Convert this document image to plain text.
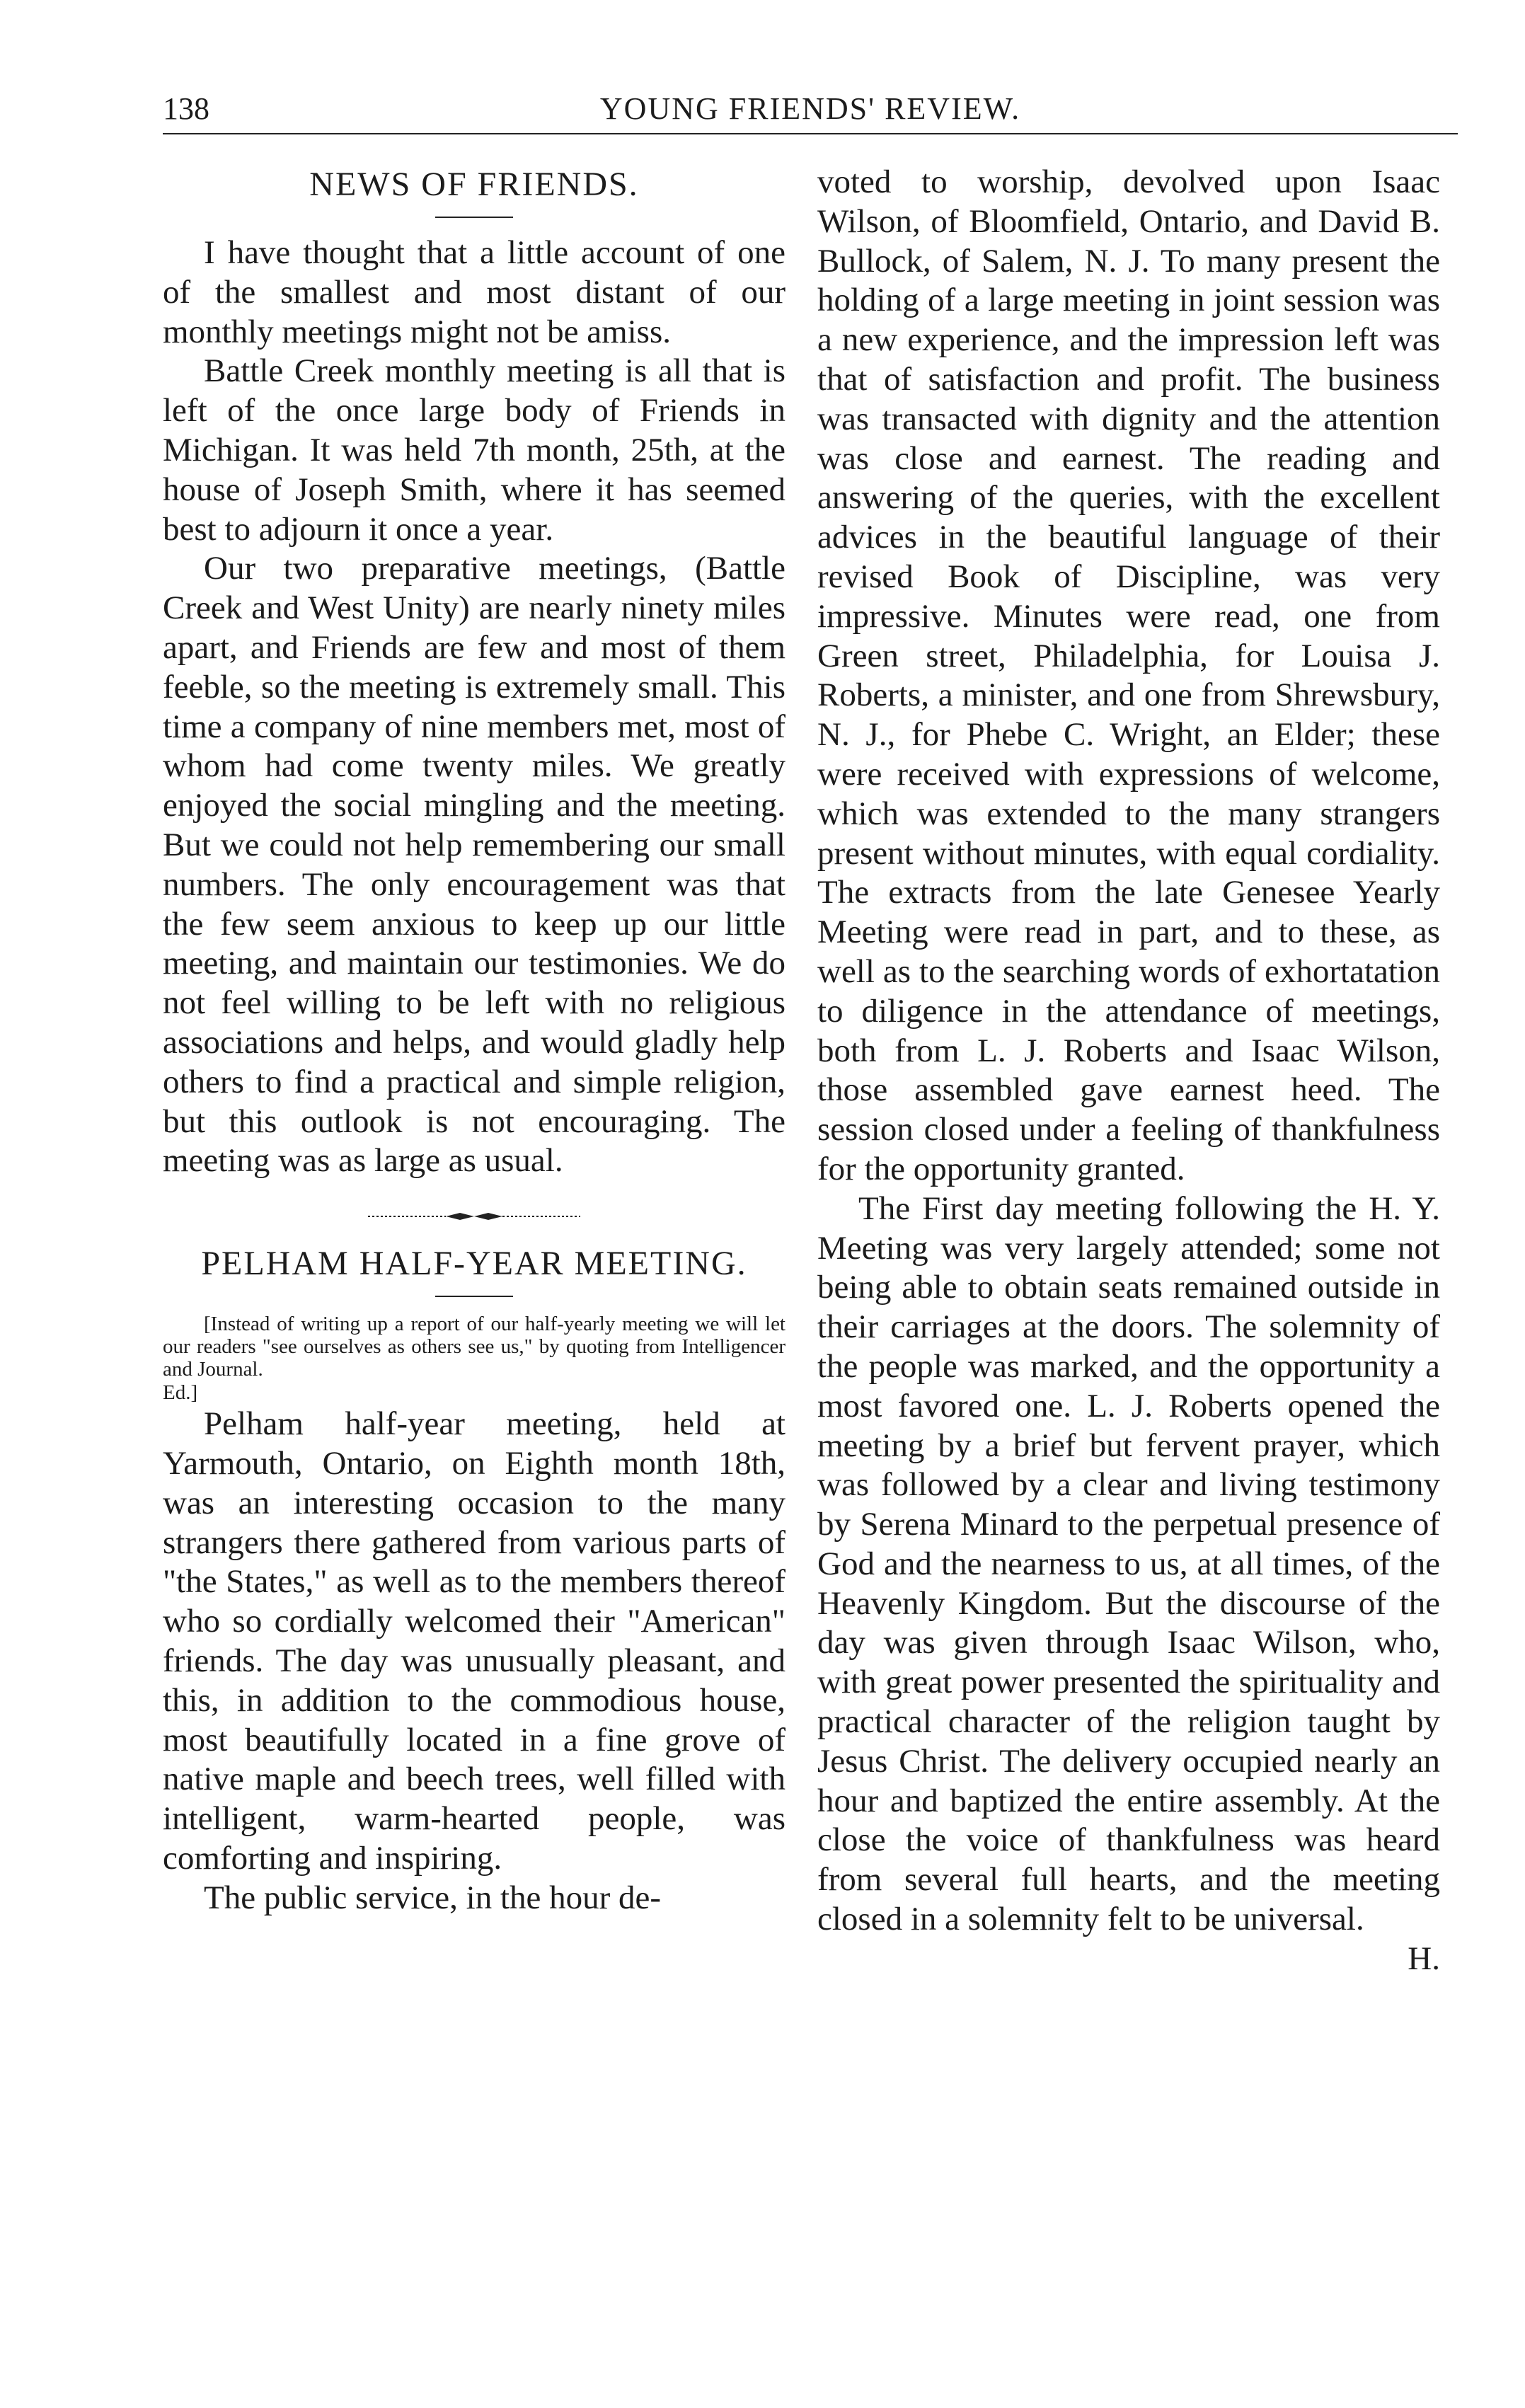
138	YOUNG FRIENDS' REVIEW.
NEWS OF FRIENDS.

I have thought that a little account of one of the smallest and most distant of our monthly meetings might not be amiss.

Battle Creek monthly meeting is all that is left of the once large body of Friends in Michigan. It was held 7th month, 25th, at the house of Joseph Smith, where it has seemed best to adjourn it once a year.

Our two preparative meetings, (Battle Creek and West Unity) are nearly ninety miles apart, and Friends are few and most of them feeble, so the meeting is extremely small. This time a company of nine members met, most of whom had come twenty miles. We greatly enjoyed the social mingling and the meeting. But we could not help remembering our small numbers. The only encouragement was that the few seem anxious to keep up our little meeting, and maintain our testimonies. We do not feel willing to be left with no religious associations and helps, and would gladly help others to find a practical and simple religion, but this outlook is not encouraging. The meeting was as large as usual.

PELHAM HALF-YEAR MEETING.

[Instead of writing up a report of our half-yearly meeting we will let our readers "see ourselves as others see us," by quoting from Intelligencer and Journal.

Ed.]

Pelham half-year meeting, held at Yarmouth, Ontario, on Eighth month 18th, was an interesting occasion to the many strangers there gathered from various parts of "the States," as well as to the members thereof who so cordially welcomed their "American" friends. The day was unusually pleasant, and this, in addition to the commodious house, most beautifully located in a fine grove of native maple and beech trees, well filled with intelligent, warm-hearted people, was comforting and inspiring.

The public service, in the hour de-

voted to worship, devolved upon Isaac Wilson, of Bloomfield, Ontario, and David B. Bullock, of Salem, N. J. To many present the holding of a large meeting in joint session was a new experience, and the impression left was that of satisfaction and profit. The business was transacted with dignity and the attention was close and earnest. The reading and answering of the queries, with the excellent advices in the beautiful language of their revised Book of Discipline, was very impressive. Minutes were read, one from Green street, Philadelphia, for Louisa J. Roberts, a minister, and one from Shrewsbury, N. J., for Phebe C. Wright, an Elder; these were received with expressions of welcome, which was extended to the many strangers present without minutes, with equal cordiality. The extracts from the late Genesee Yearly Meeting were read in part, and to these, as well as to the searching words of exhortatation to diligence in the attendance of meetings, both from L. J. Roberts and Isaac Wilson, those assembled gave earnest heed. The session closed under a feeling of thankfulness for the opportunity granted.

The First day meeting following the H. Y. Meeting was very largely attended; some not being able to obtain seats remained outside in their carriages at the doors. The solemnity of the people was marked, and the opportunity a most favored one. L. J. Roberts opened the meeting by a brief but fervent prayer, which was followed by a clear and living testimony by Serena Minard to the perpetual presence of God and the nearness to us, at all times, of the Heavenly Kingdom. But the discourse of the day was given through Isaac Wilson, who, with great power presented the spirituality and practical character of the religion taught by Jesus Christ. The delivery occupied nearly an hour and baptized the entire assembly. At the close the voice of thankfulness was heard from several full hearts, and the meeting closed in a solemnity felt to be universal.

H.
